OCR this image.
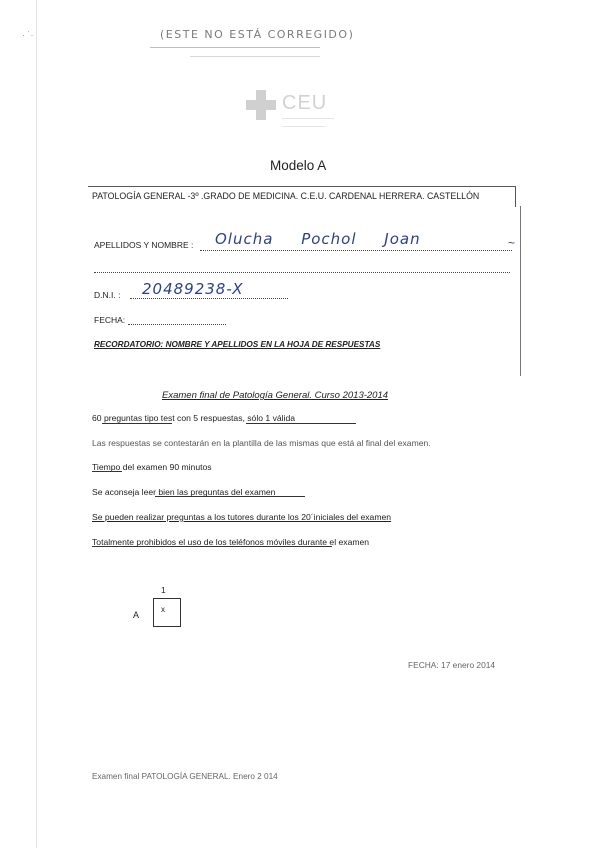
· ˙·	(ESTE NO ESTÁ CORREGIDO)
CEU
Modelo A
PATOLOGÍA GENERAL -3º .GRADO DE MEDICINA. C.E.U. CARDENAL HERRERA. CASTELLÓN
APELLIDOS Y NOMBRE : Olucha Pochol Joan	~
D.N.I. : 20489238-X
FECHA:
RECORDATORIO: NOMBRE Y APELLIDOS EN LA HOJA DE RESPUESTAS
Examen final de Patología General. Curso 2013-2014
60 preguntas tipo test con 5 respuestas, sólo 1 válida
Las respuestas se contestarán en la plantilla de las mismas que está al final del examen.
Tiempo del examen 90 minutos
Se aconseja leer bien las preguntas del examen
Se pueden realizar preguntas a los tutores durante los 20´iniciales del examen
Totalmente prohibidos el uso de los teléfonos móviles durante el examen
1
A
x
FECHA: 17 enero 2014
Examen final PATOLOGÍA GENERAL. Enero 2 014
